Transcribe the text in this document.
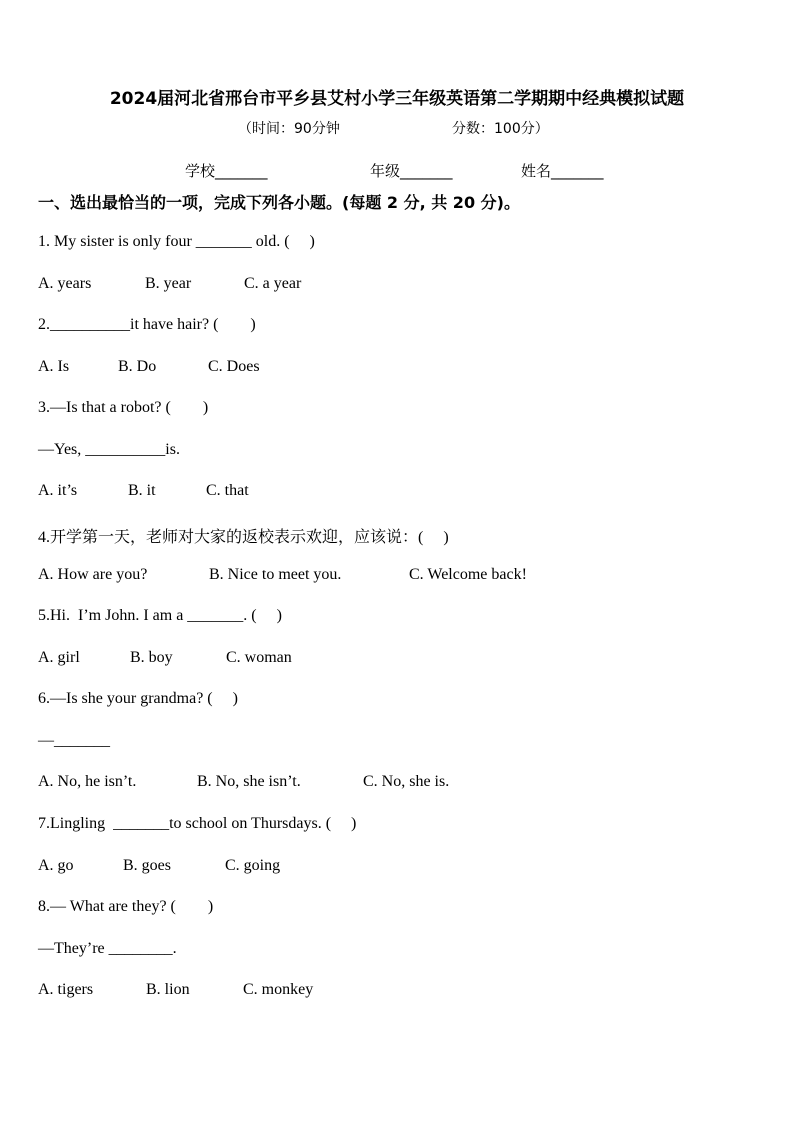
2024届河北省邢台市平乡县艾村小学三年级英语第二学期期中经典模拟试题
（时间：90分钟	分数：100分）
学校_______	年级_______	姓名_______
一、选出最恰当的一项，完成下列各小题。(每题 2 分, 共 20 分)。
1. My sister is only four _______ old. (     )
A. years	B. year	C. a year
2.__________it have hair? (        )
A. Is	B. Do	C. Does
3.—Is that a robot? (        )
—Yes, __________is.
A. it’s	B. it	C. that
4.开学第一天，老师对大家的返校表示欢迎，应该说：(     )
A. How are you?	B. Nice to meet you.	C. Welcome back!
5.Hi.  I’m John. I am a _______. (     )
A. girl	B. boy	C. woman
6.—Is she your grandma? (     )
—_______
A. No, he isn’t.	B. No, she isn’t.	C. No, she is.
7.Lingling  _______to school on Thursdays. (     )
A. go	B. goes	C. going
8.— What are they? (        )
—They’re ________.
A. tigers	B. lion	C. monkey
